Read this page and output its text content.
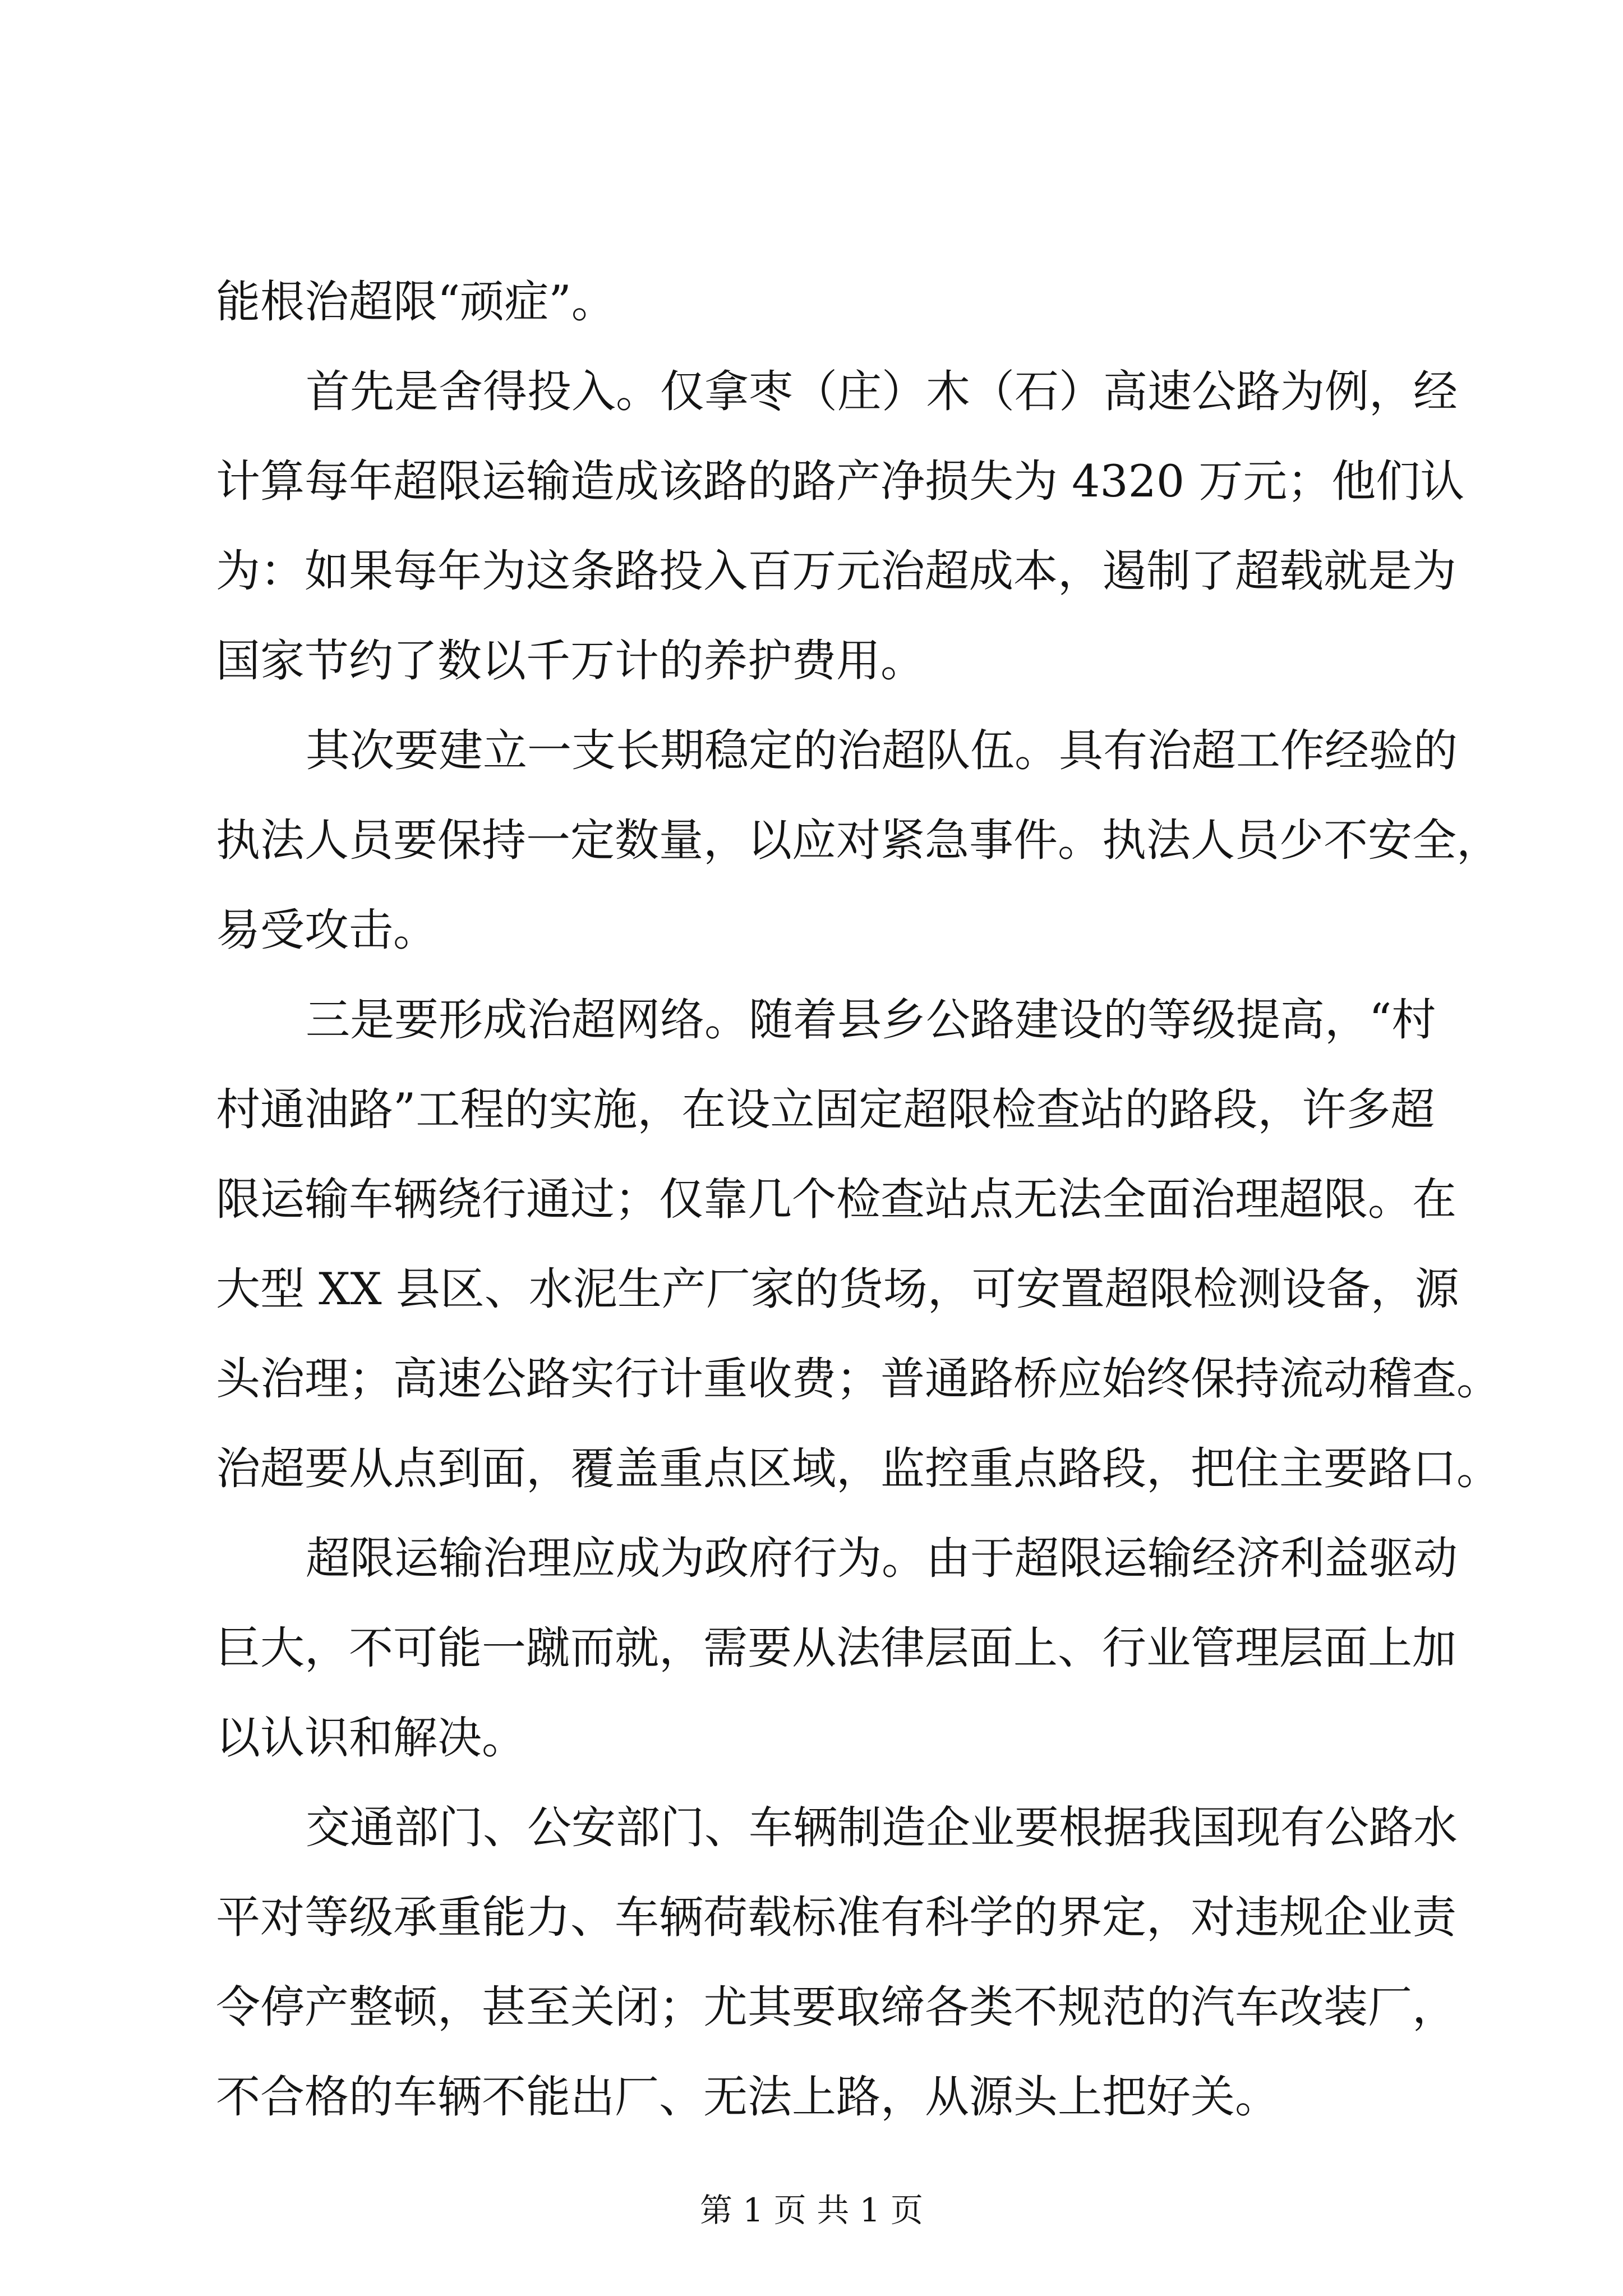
能根治超限“顽症”。
首先是舍得投入。仅拿枣（庄）木（石）高速公路为例，经
计算每年超限运输造成该路的路产净损失为 4320 万元；他们认
为：如果每年为这条路投入百万元治超成本，遏制了超载就是为
国家节约了数以千万计的养护费用。
其次要建立一支长期稳定的治超队伍。具有治超工作经验的
执法人员要保持一定数量，以应对紧急事件。执法人员少不安全，
易受攻击。
三是要形成治超网络。随着县乡公路建设的等级提高，“村
村通油路”工程的实施，在设立固定超限检查站的路段，许多超
限运输车辆绕行通过；仅靠几个检查站点无法全面治理超限。在
大型 XX 县区、水泥生产厂家的货场，可安置超限检测设备，源
头治理；高速公路实行计重收费；普通路桥应始终保持流动稽查。
治超要从点到面，覆盖重点区域，监控重点路段，把住主要路口。
超限运输治理应成为政府行为。由于超限运输经济利益驱动
巨大，不可能一蹴而就，需要从法律层面上、行业管理层面上加
以认识和解决。
交通部门、公安部门、车辆制造企业要根据我国现有公路水
平对等级承重能力、车辆荷载标准有科学的界定，对违规企业责
令停产整顿，甚至关闭；尤其要取缔各类不规范的汽车改装厂，
不合格的车辆不能出厂、无法上路，从源头上把好关。
第 1 页 共 1 页
